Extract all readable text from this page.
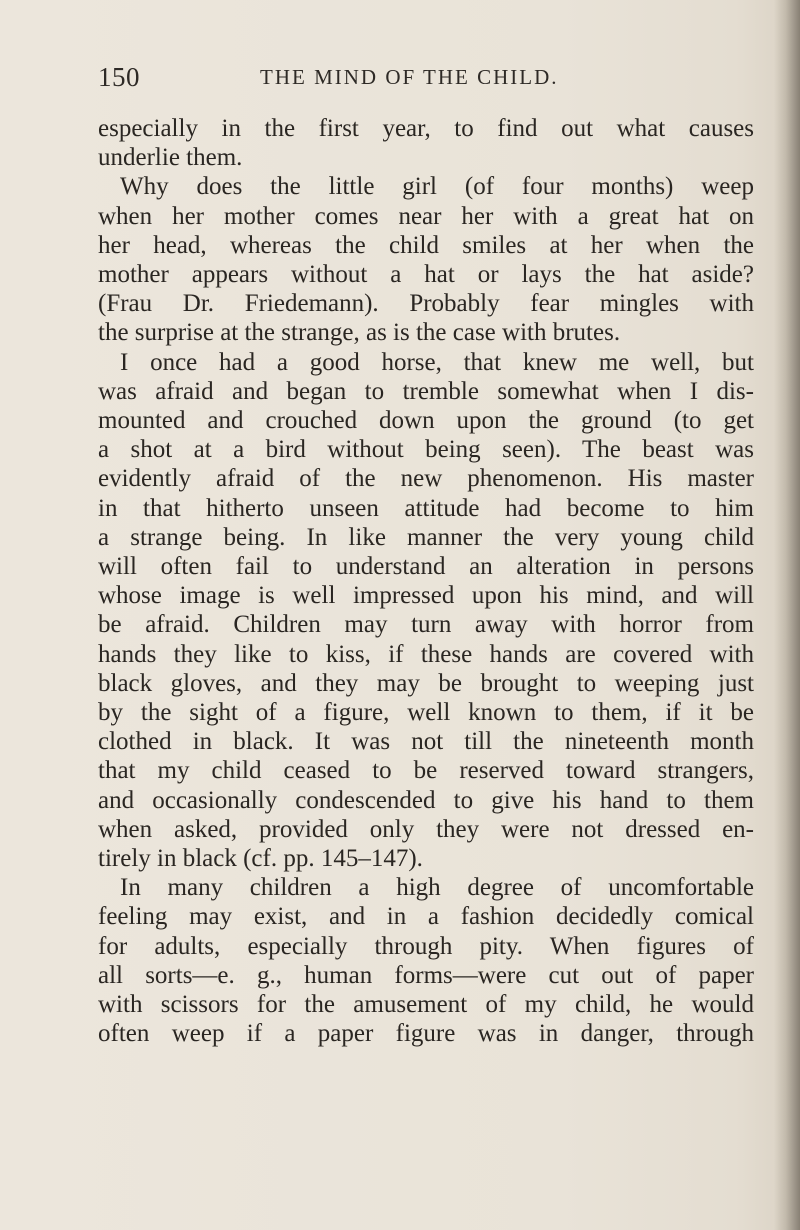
150	THE MIND OF THE CHILD.
especially in the first year, to find out what causes
underlie them.
Why does the little girl (of four months) weep
when her mother comes near her with a great hat on
her head, whereas the child smiles at her when the
mother appears without a hat or lays the hat aside?
(Frau Dr. Friedemann). Probably fear mingles with
the surprise at the strange, as is the case with brutes.
I once had a good horse, that knew me well, but
was afraid and began to tremble somewhat when I dis-
mounted and crouched down upon the ground (to get
a shot at a bird without being seen). The beast was
evidently afraid of the new phenomenon. His master
in that hitherto unseen attitude had become to him
a strange being. In like manner the very young child
will often fail to understand an alteration in persons
whose image is well impressed upon his mind, and will
be afraid. Children may turn away with horror from
hands they like to kiss, if these hands are covered with
black gloves, and they may be brought to weeping just
by the sight of a figure, well known to them, if it be
clothed in black. It was not till the nineteenth month
that my child ceased to be reserved toward strangers,
and occasionally condescended to give his hand to them
when asked, provided only they were not dressed en-
tirely in black (cf. pp. 145–147).
In many children a high degree of uncomfortable
feeling may exist, and in a fashion decidedly comical
for adults, especially through pity. When figures of
all sorts—e. g., human forms—were cut out of paper
with scissors for the amusement of my child, he would
often weep if a paper figure was in danger, through
